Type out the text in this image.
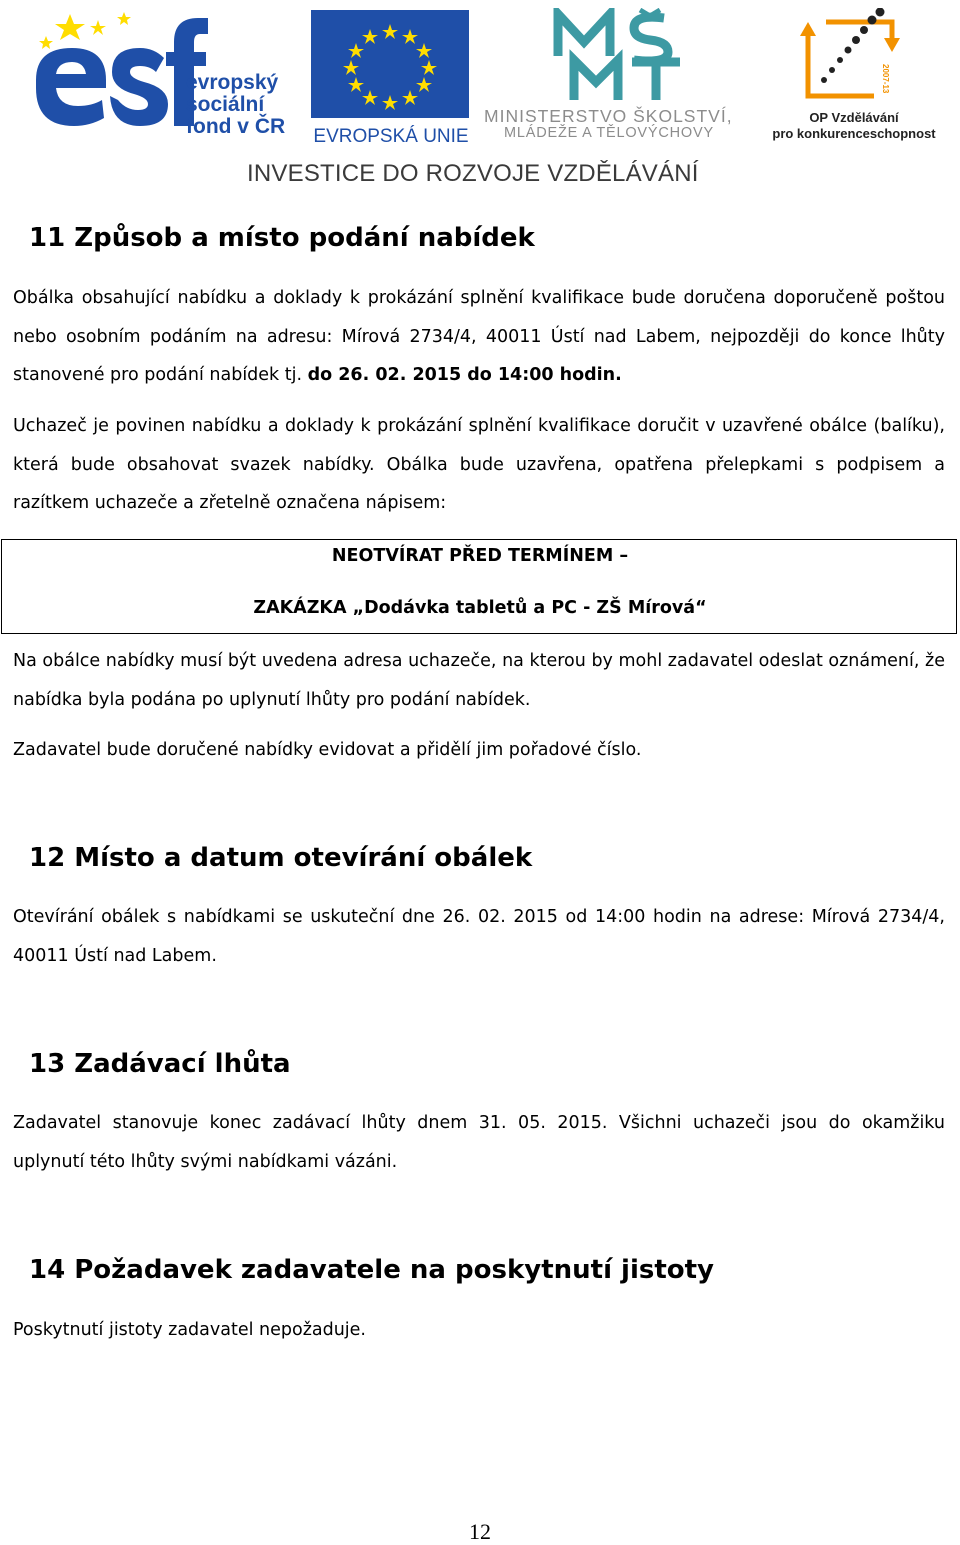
evropský
sociální
fond v ČR EVROPSKÁ UNIE
MINISTERSTVO ŠKOLSTVÍ,
MLÁDEŽE A TĚLOVÝCHOVY
2007-13
OP Vzdělávání
pro konkurenceschopnost
INVESTICE DO ROZVOJE VZDĚLÁVÁNÍ
11 Způsob a místo podání nabídek

Obálka obsahující nabídku a doklady k prokázání splnění kvalifikace bude doručena doporučeně poštou nebo osobním podáním na adresu: Mírová 2734/4, 40011 Ústí nad Labem, nejpozději do konce lhůty stanovené pro podání nabídek tj. do 26. 02. 2015 do 14:00 hodin.

Uchazeč je povinen nabídku a doklady k prokázání splnění kvalifikace doručit v uzavřené obálce (balíku), která bude obsahovat svazek nabídky. Obálka bude uzavřena, opatřena přelepkami s podpisem a razítkem uchazeče a zřetelně označena nápisem:

NEOTVÍRAT PŘED TERMÍNEM –
ZAKÁZKA „Dodávka tabletů a PC - ZŠ Mírová“

Na obálce nabídky musí být uvedena adresa uchazeče, na kterou by mohl zadavatel odeslat oznámení, že nabídka byla podána po uplynutí lhůty pro podání nabídek.

Zadavatel bude doručené nabídky evidovat a přidělí jim pořadové číslo.

12 Místo a datum otevírání obálek

Otevírání obálek s nabídkami se uskuteční dne 26. 02. 2015 od 14:00 hodin na adrese: Mírová 2734/4, 40011 Ústí nad Labem.

13 Zadávací lhůta

Zadavatel stanovuje konec zadávací lhůty dnem 31. 05. 2015. Všichni uchazeči jsou do okamžiku uplynutí této lhůty svými nabídkami vázáni.

14 Požadavek zadavatele na poskytnutí jistoty

Poskytnutí jistoty zadavatel nepožaduje.

12
